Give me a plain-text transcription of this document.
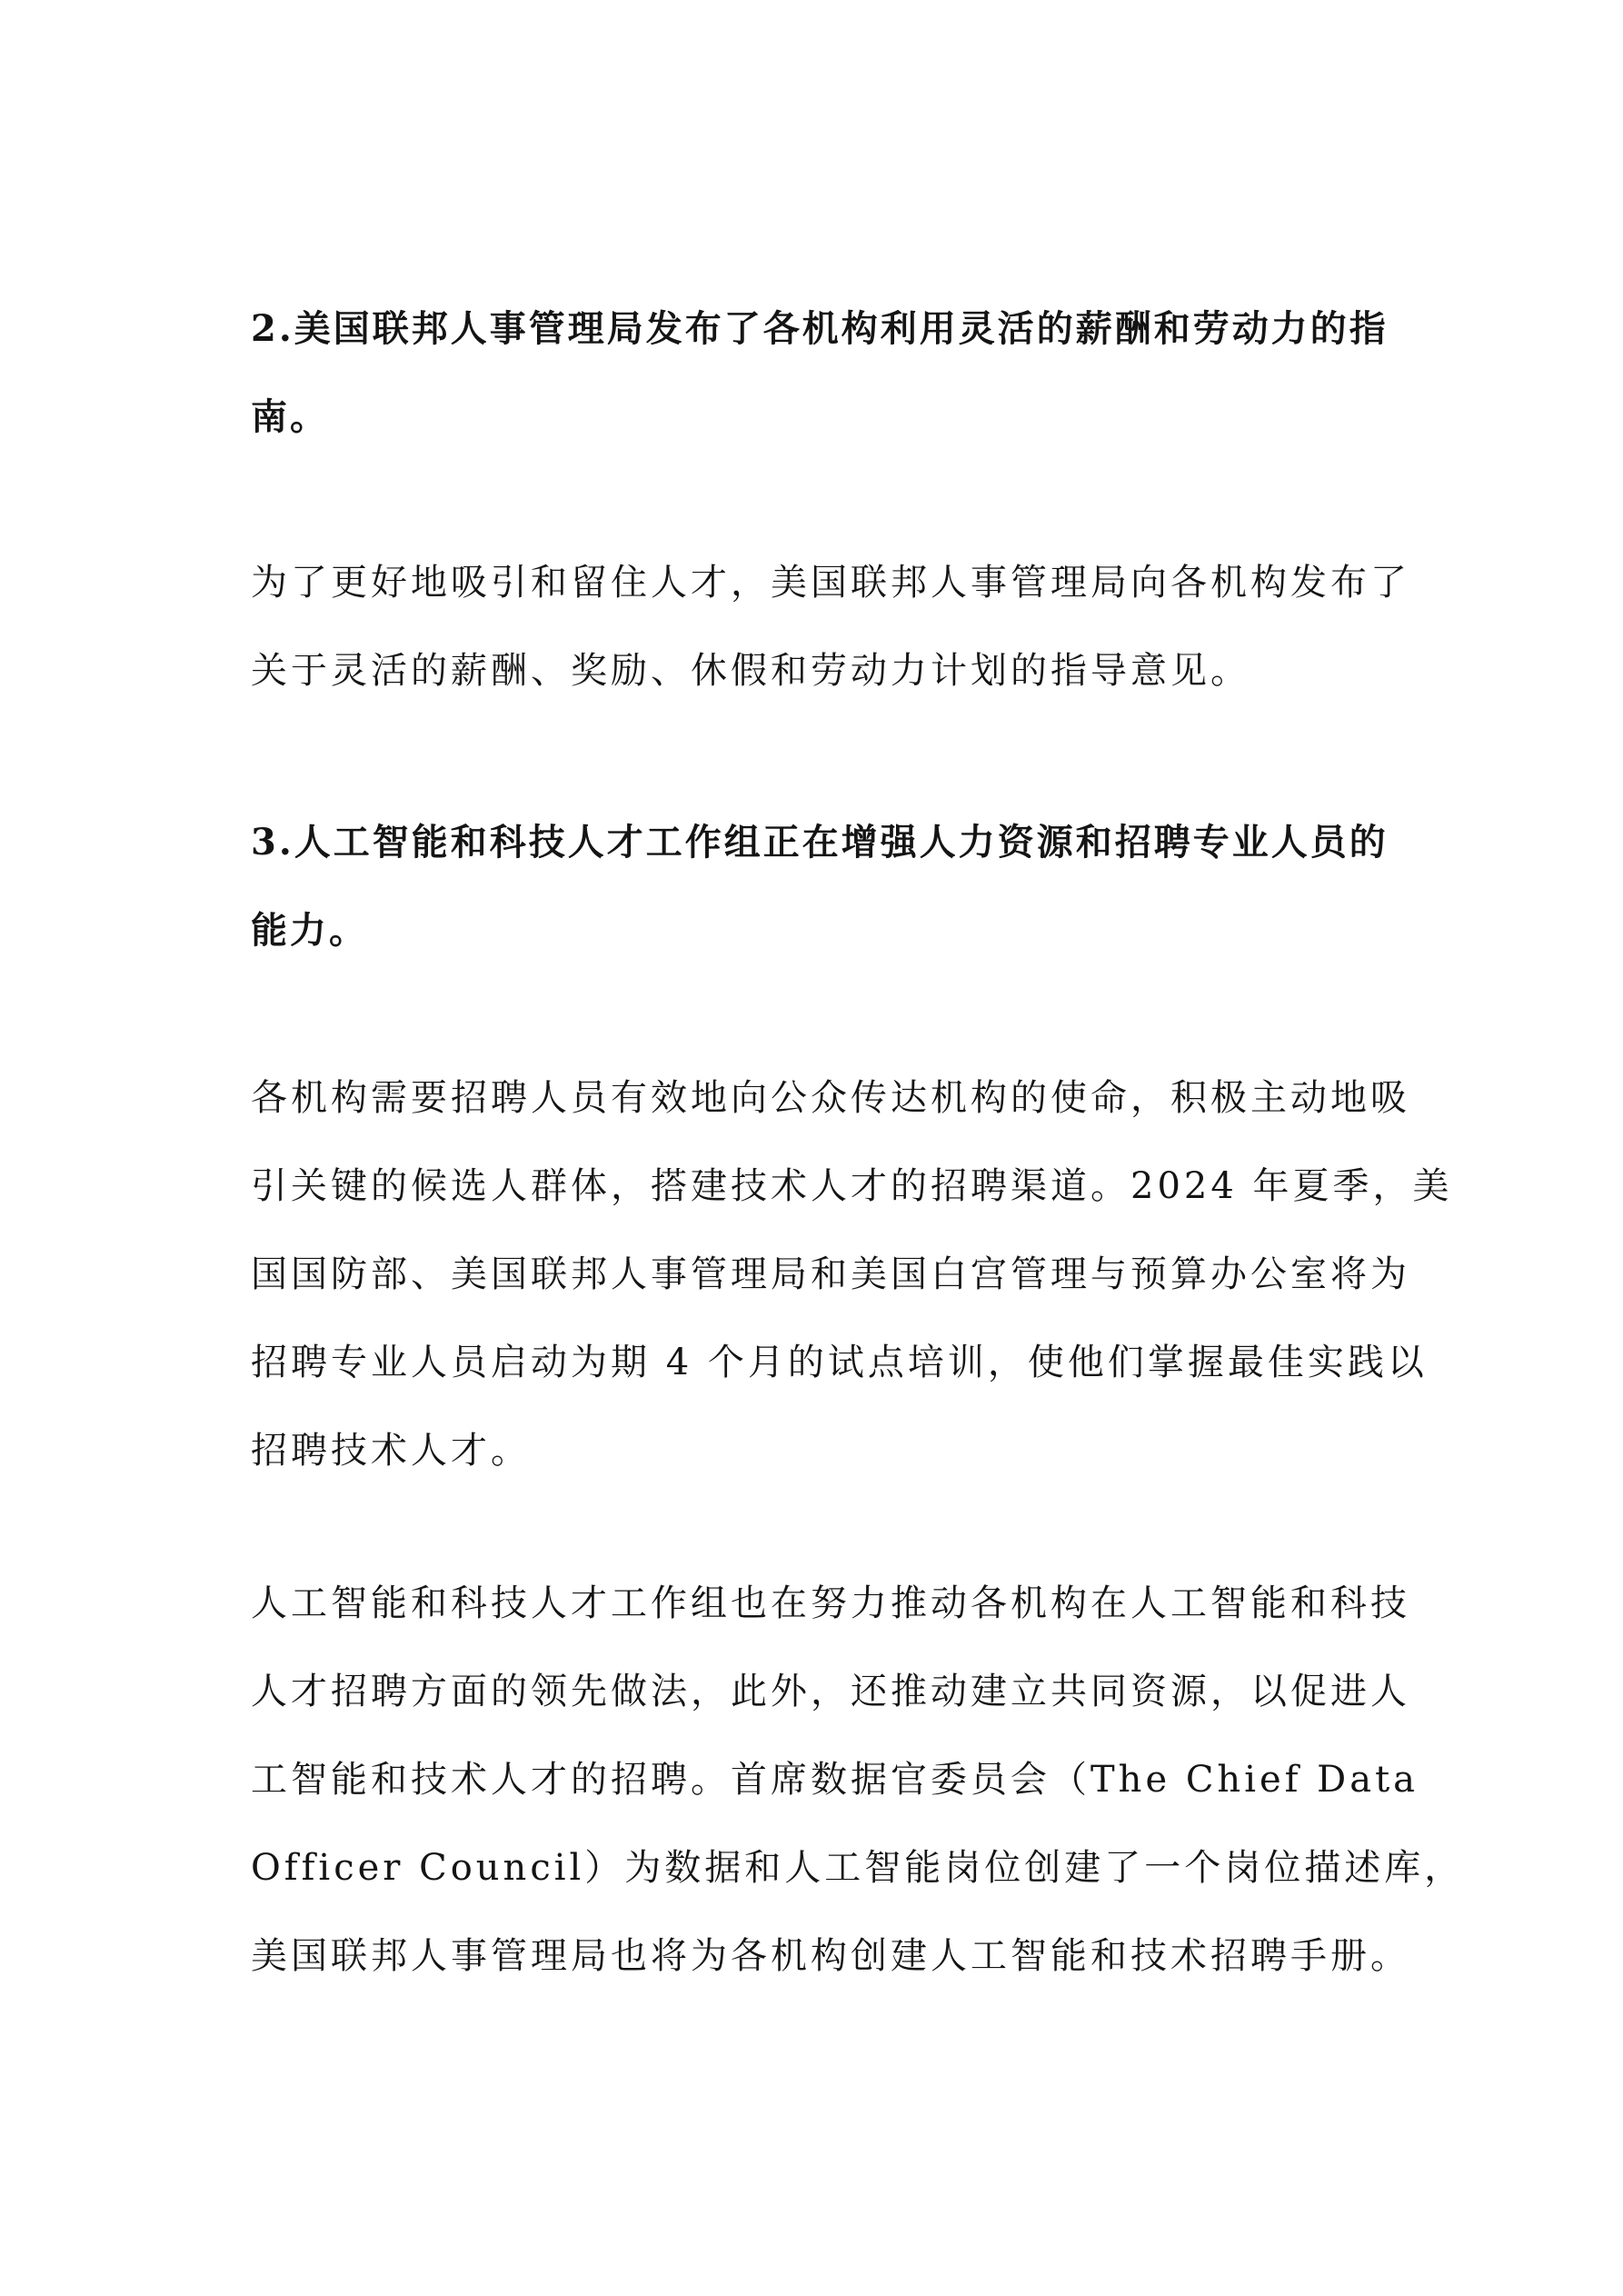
2.美国联邦人事管理局发布了各机构利用灵活的薪酬和劳动力的指
南。
为了更好地吸引和留住人才，美国联邦人事管理局向各机构发布了
关于灵活的薪酬、奖励、休假和劳动力计划的指导意见。
3.人工智能和科技人才工作组正在增强人力资源和招聘专业人员的
能力。
各机构需要招聘人员有效地向公众传达机构的使命，积极主动地吸
引关键的候选人群体，搭建技术人才的招聘渠道。2024 年夏季，美
国国防部、美国联邦人事管理局和美国白宫管理与预算办公室将为
招聘专业人员启动为期 4 个月的试点培训，使他们掌握最佳实践以
招聘技术人才。
人工智能和科技人才工作组也在努力推动各机构在人工智能和科技
人才招聘方面的领先做法，此外，还推动建立共同资源，以促进人
工智能和技术人才的招聘。首席数据官委员会（The Chief Data
Officer Council）为数据和人工智能岗位创建了一个岗位描述库，
美国联邦人事管理局也将为各机构创建人工智能和技术招聘手册。
